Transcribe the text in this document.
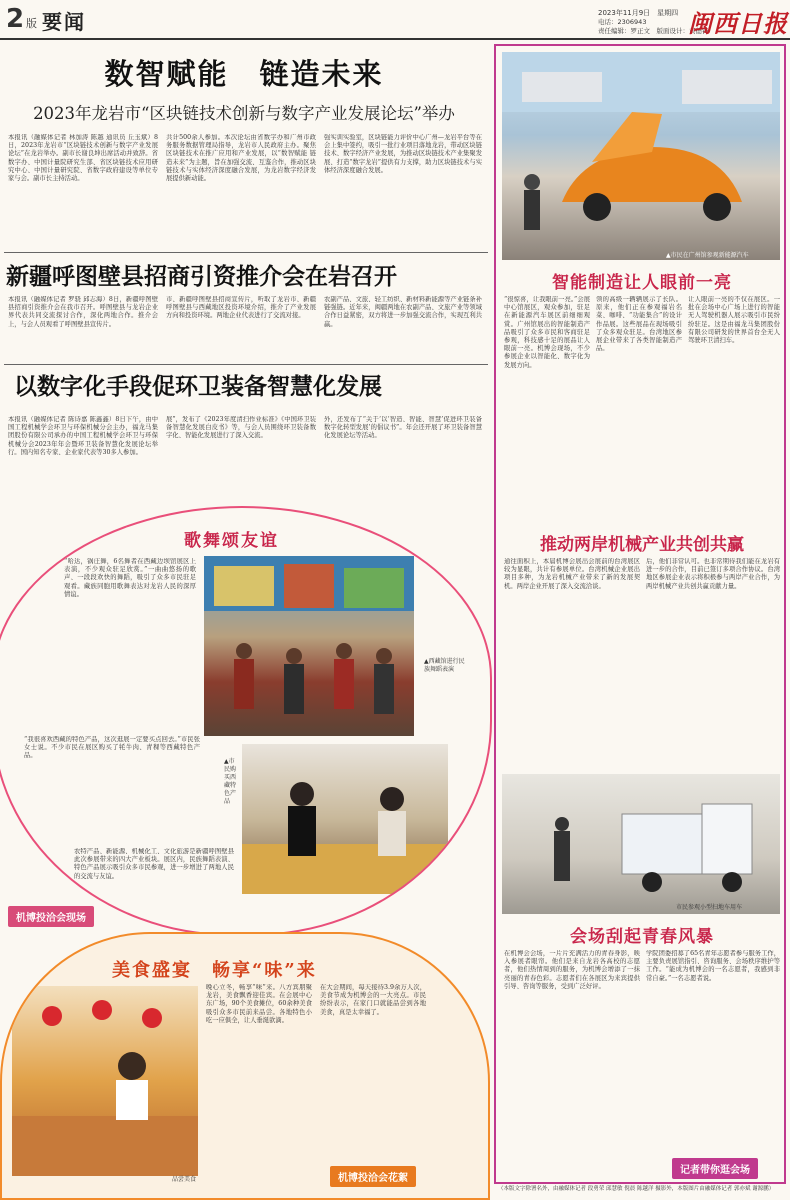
2 版 要闻	2023年11月9日　星期四
电话：2306943
责任编辑：罗正文　版面设计：黄德锋
闽西日报
数智赋能　链造未来
2023年龙岩市“区块链技术创新与数字产业发展论坛”举办
本报讯（融媒体记者 林加涛 陈越 通讯员 丘玉斌）8日，2023年龙岩市“区块链技术创新与数字产业发展论坛”在龙岩举办。副市长谢良坤出席活动并致辞。省数字办、中国计量院研究生部、省区块链技术应用研究中心、中国计量研究院、省数字政府建设等单位专家与会。副市长主持活动。
共计500余人参加。本次论坛由省数字办和广州市政务服务数据管理局指导，龙岩市人民政府主办。聚焦区块链技术在推广应用和产业发展，以“数智赋能 链造未来”为主题，旨在加强交流、互鉴合作，推动区块链技术与实体经济深度融合发展，为龙岩数字经济发展提供新动能。
强实训实验室，区块链能力评价中心广州—龙岩平台等在会上集中签约，吸引一批行业项目落地龙岩，带动区块链技术、数字经济产业发展，为推动区块链技术产业集聚发展、打造“数字龙岩”提供有力支撑，助力区块链技术与实体经济深度融合发展。
新疆呼图壁县招商引资推介会在岩召开
本报讯（融媒体记者 罗骁 邱志海）8日，新疆呼图壁县招商引资推介会在我市召开。呼图壁县与龙岩企业界代表共同交流探讨合作，深化两地合作。推介会上，与会人员观看了呼图壁县宣传片。
市、新疆呼图壁县招商宣传片，听取了龙岩市、新疆呼图壁县与西藏地区投资环境介绍，推介了产业发展方向和投资环境。两地企业代表进行了交流对接。
农副产品、文旅、轻工纺织、新材料新能源等产业链条补链强链。近年来，闽疆两地在农副产品、文旅产业等领域合作日益紧密，双方将进一步加强交流合作，实现互利共赢。
以数字化手段促环卫装备智慧化发展
本报讯（融媒体记者 陈诗嘉 陈鑫鑫）8日下午，由中国工程机械学会环卫与环保机械分会主办，福龙马集团股份有限公司承办的中国工程机械学会环卫与环保机械分会2023年年会暨环卫装备智慧化发展论坛举行。国内知名专家、企业家代表等30多人参加。
展”，发布了《2023年度清扫作业标准》《中国环卫装备智慧化发展白皮书》等，与会人员围绕环卫装备数字化、智能化发展进行了深入交流。
外，还发布了“关于‘以‘智造、智能、智慧’促进环卫装备数字化转型发展’的倡议书”。年会还开展了环卫装备智慧化发展论坛等活动。
歌舞颂友谊
“哈达，锅庄舞，6名舞者在西藏边坝馆展区上表演，不少观众驻足欣赏。”一曲曲悠扬的歌声、一段段欢快的舞蹈，吸引了众多市民驻足观看。藏族同胞用歌舞表达对龙岩人民的深厚情谊。
▲西藏馆进行民族舞蹈表演
“我很喜欢西藏的特色产品，这次逛展一定要买点回去。”市民张女士说。不少市民在展区购买了牦牛肉、青稞等西藏特色产品。
▲市民购买西藏特色产品
农特产品、新能源、机械化工、文化旅游是新疆呼图壁县此次参展带来的四大产业板块。展区内，民族舞蹈表演、特色产品展示吸引众多市民参观，进一步增进了两地人民的交流与友谊。
机博投洽会现场
美食盛宴　畅享“味”来
品尝美食
晚心立冬，畅享“味”来。八方宾朋聚龙岩，美食飘香迎佳宾。在会展中心东广场，90个美食摊位，60余种美食吸引众多市民前来品尝。各地特色小吃一应俱全，让人垂涎欲滴。
在大会期间，每天接待3.9余万人次，美食节成为机博会的一大亮点。市民纷纷表示，在家门口就能品尝到各地美食，真是太幸福了。
机博投洽会花絮
▲市民在广州馆参观新能源汽车
智能制造让人眼前一亮
“很惊喜，让我眼前一亮。”会展中心馆展区，观众参加，驻足在新能源汽车展区前细细观赏。广州馆展出的智能制造产品吸引了众多市民和客商驻足参观，科技感十足的展品让人眼前一亮。机博会现场，不少参展企业以智能化、数字化为发展方向。
领的高级一辆辆展示了长队。原来，他们正在参观福岩名菜、咖啡、“功能集合”的设计作品展。这些展品在现场吸引了众多观众驻足。台湾地区参展企业带来了各类智能制造产品。
让人眼前一亮的不仅在展区。一批在会场中心广场上进行的智能无人驾驶机器人展示吸引市民纷纷驻足。这是由福龙马集团股份有限公司研发的世界首台全无人驾驶环卫清扫车。
推动两岸机械产业共创共赢
通往面积上，本届机博会展出会展前的台湾展区较为显眼，共计有参展单位。台湾机械企业展出项目多种，为龙岩机械产业带来了新的发展契机。两岸企业开展了深入交流洽谈。
后，他们非常认可。也非常期待我们能在龙岩有进一步的合作，目前已签订多项合作协议。台湾地区参展企业表示将积极参与两岸产业合作，为两岸机械产业共创共赢贡献力量。
市民参观小型扫地车用车
会场刮起青春风暴
在机博会会场，一片片充满活力的青春身影，映入参展者眼帘。他们是来自龙岩各高校的志愿者，他们热情周到的服务，为机博会增添了一抹亮丽的青春色彩。志愿者们在各展区为来宾提供引导、咨询等服务，受到广泛好评。
学院团委招募了65名青年志愿者参与服务工作，主要负责展馆指引、咨询服务、会场秩序维护等工作。“能成为机博会的一名志愿者，我感到非常自豪。”一名志愿者说。
记者带你逛会场
（本版文字除署名外，由融媒体记者 段勇荣 邱慧敏 倪晨 陈越洋 摄影外，本版图片由融媒体记者 郭亦斌 谢源鹏）
